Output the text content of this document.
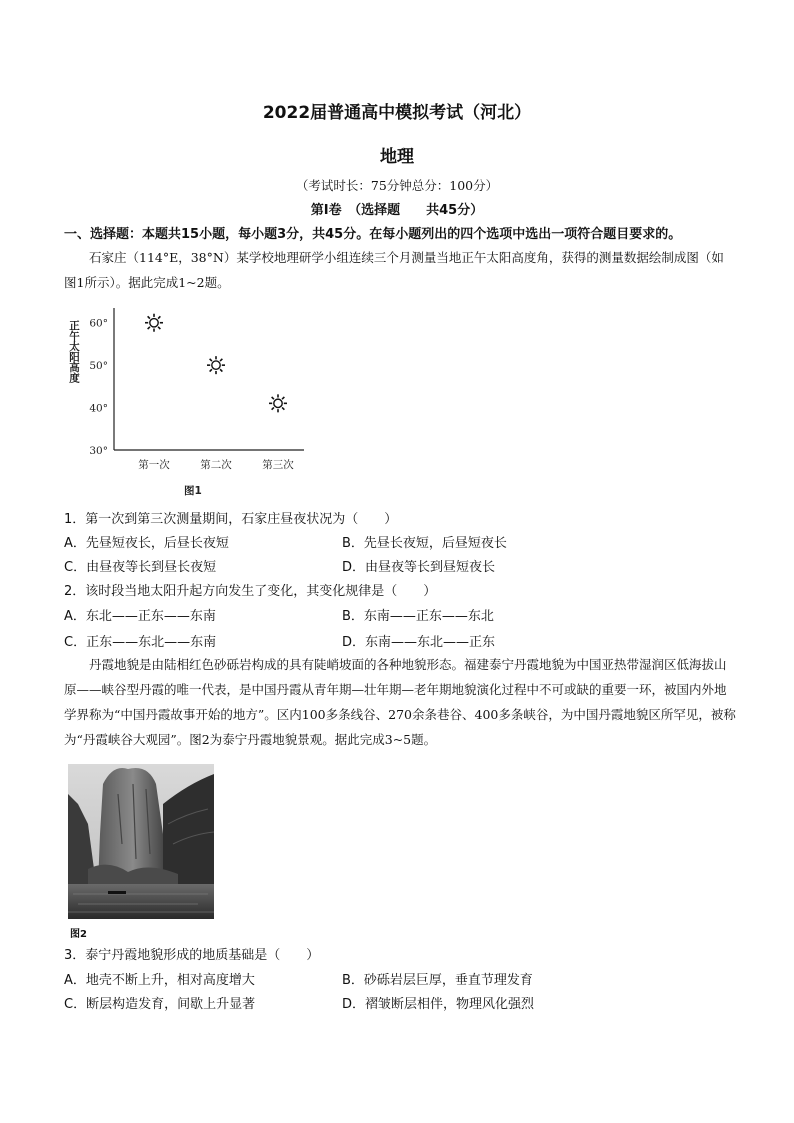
2022届普通高中模拟考试（河北）
地理
（考试时长：75分钟总分：100分）
第Ⅰ卷　（选择题　　共45分）
一、选择题：本题共15小题，每小题3分，共45分。在每小题列出的四个选项中选出一项符合题目要求的。
石家庄（114°E，38°N）某学校地理研学小组连续三个月测量当地正午太阳高度角，获得的测量数据绘制成图（如图1所示）。据此完成1~2题。
30°
40°
50°
60°
正午太阳高度
第一次	第二次	第三次
图1
1．第一次到第三次测量期间，石家庄昼夜状况为（　　）
A．先昼短夜长，后昼长夜短	B．先昼长夜短，后昼短夜长
C．由昼夜等长到昼长夜短	D．由昼夜等长到昼短夜长
2．该时段当地太阳升起方向发生了变化，其变化规律是（　　）
A．东北——正东——东南	B．东南——正东——东北
C．正东——东北——东南	D．东南——东北——正东
丹霞地貌是由陆相红色砂砾岩构成的具有陡峭坡面的各种地貌形态。福建泰宁丹霞地貌为中国亚热带湿润区低海拔山原——峡谷型丹霞的唯一代表，是中国丹霞从青年期—壮年期—老年期地貌演化过程中不可或缺的重要一环，被国内外地学界称为“中国丹霞故事开始的地方”。区内100多条线谷、270余条巷谷、400多条峡谷，为中国丹霞地貌区所罕见，被称为“丹霞峡谷大观园”。图2为泰宁丹霞地貌景观。据此完成3~5题。
图2
3．泰宁丹霞地貌形成的地质基础是（　　）
A．地壳不断上升，相对高度增大	B．砂砾岩层巨厚，垂直节理发育
C．断层构造发育，间歇上升显著	D．褶皱断层相伴，物理风化强烈
